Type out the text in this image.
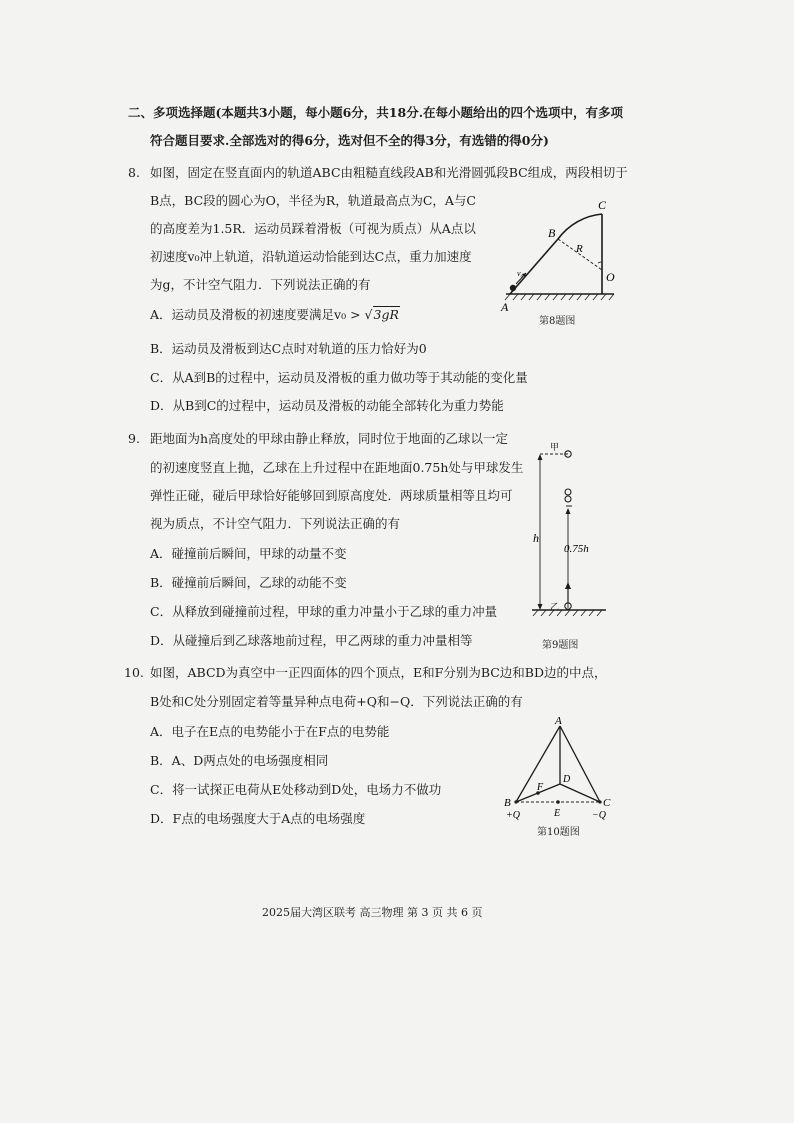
二、多项选择题(本题共3小题，每小题6分，共18分.在每小题给出的四个选项中，有多项
符合题目要求.全部选对的得6分，选对但不全的得3分，有选错的得0分)
8. 如图，固定在竖直面内的轨道ABC由粗糙直线段AB和光滑圆弧段BC组成，两段相切于
B点，BC段的圆心为O，半径为R，轨道最高点为C，A与C
的高度差为1.5R．运动员踩着滑板（可视为质点）从A点以
初速度v₀冲上轨道，沿轨道运动恰能到达C点，重力加速度
为g，不计空气阻力．下列说法正确的有
A．运动员及滑板的初速度要满足v₀ > √3gR
B．运动员及滑板到达C点时对轨道的压力恰好为0
C．从A到B的过程中，运动员及滑板的重力做功等于其动能的变化量
D．从B到C的过程中，运动员及滑板的动能全部转化为重力势能
v₀
A
B
C
R
O
第8题图
9. 距地面为h高度处的甲球由静止释放，同时位于地面的乙球以一定
的初速度竖直上抛，乙球在上升过程中在距地面0.75h处与甲球发生
弹性正碰，碰后甲球恰好能够回到原高度处．两球质量相等且均可
视为质点，不计空气阻力．下列说法正确的有
A．碰撞前后瞬间，甲球的动量不变
B．碰撞前后瞬间，乙球的动能不变
C．从释放到碰撞前过程，甲球的重力冲量小于乙球的重力冲量
D．从碰撞后到乙球落地前过程，甲乙两球的重力冲量相等
h
甲
0.75h
乙
第9题图
10. 如图，ABCD为真空中一正四面体的四个顶点，E和F分别为BC边和BD边的中点，
B处和C处分别固定着等量异种点电荷+Q和−Q．下列说法正确的有
A．电子在E点的电势能小于在F点的电势能
B．A、D两点处的电场强度相同
C．将一试探正电荷从E处移动到D处，电场力不做功
D．F点的电场强度大于A点的电场强度
A
B	C
D
E
F
+Q	−Q
第10题图
2025届大湾区联考 高三物理 第 3 页 共 6 页
